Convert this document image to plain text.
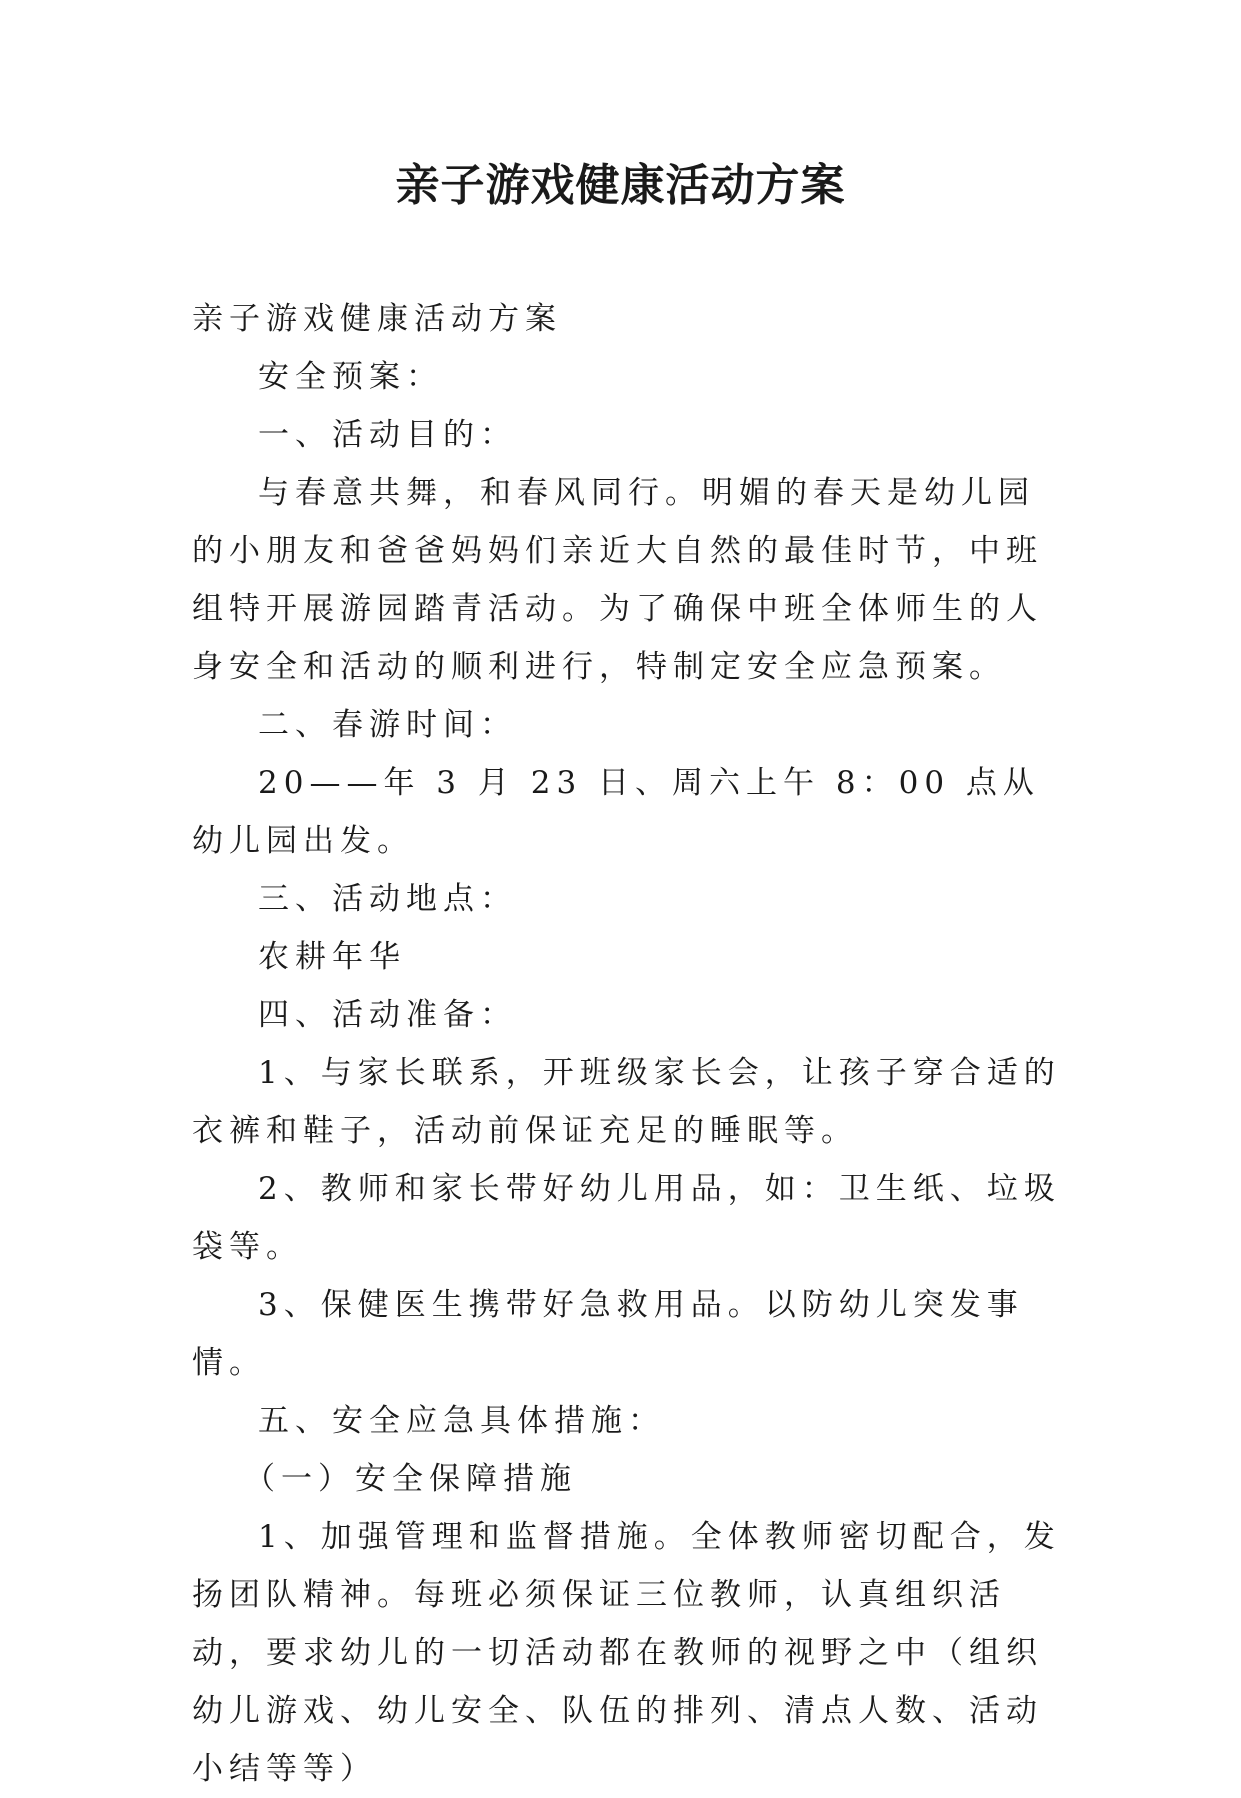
亲子游戏健康活动方案

亲子游戏健康活动方案

安全预案：

一、活动目的：

与春意共舞，和春风同行。明媚的春天是幼儿园的小朋友和爸爸妈妈们亲近大自然的最佳时节，中班组特开展游园踏青活动。为了确保中班全体师生的人身安全和活动的顺利进行，特制定安全应急预案。

二、春游时间：

20——年 3 月 23 日、周六上午 8：00 点从幼儿园出发。

三、活动地点：

农耕年华

四、活动准备：

1、与家长联系，开班级家长会，让孩子穿合适的衣裤和鞋子，活动前保证充足的睡眠等。

2、教师和家长带好幼儿用品，如：卫生纸、垃圾袋等。

3、保健医生携带好急救用品。以防幼儿突发事情。

五、安全应急具体措施：

（一）安全保障措施

1、加强管理和监督措施。全体教师密切配合，发扬团队精神。每班必须保证三位教师，认真组织活动，要求幼儿的一切活动都在教师的视野之中（组织幼儿游戏、幼儿安全、队伍的排列、清点人数、活动小结等等）
